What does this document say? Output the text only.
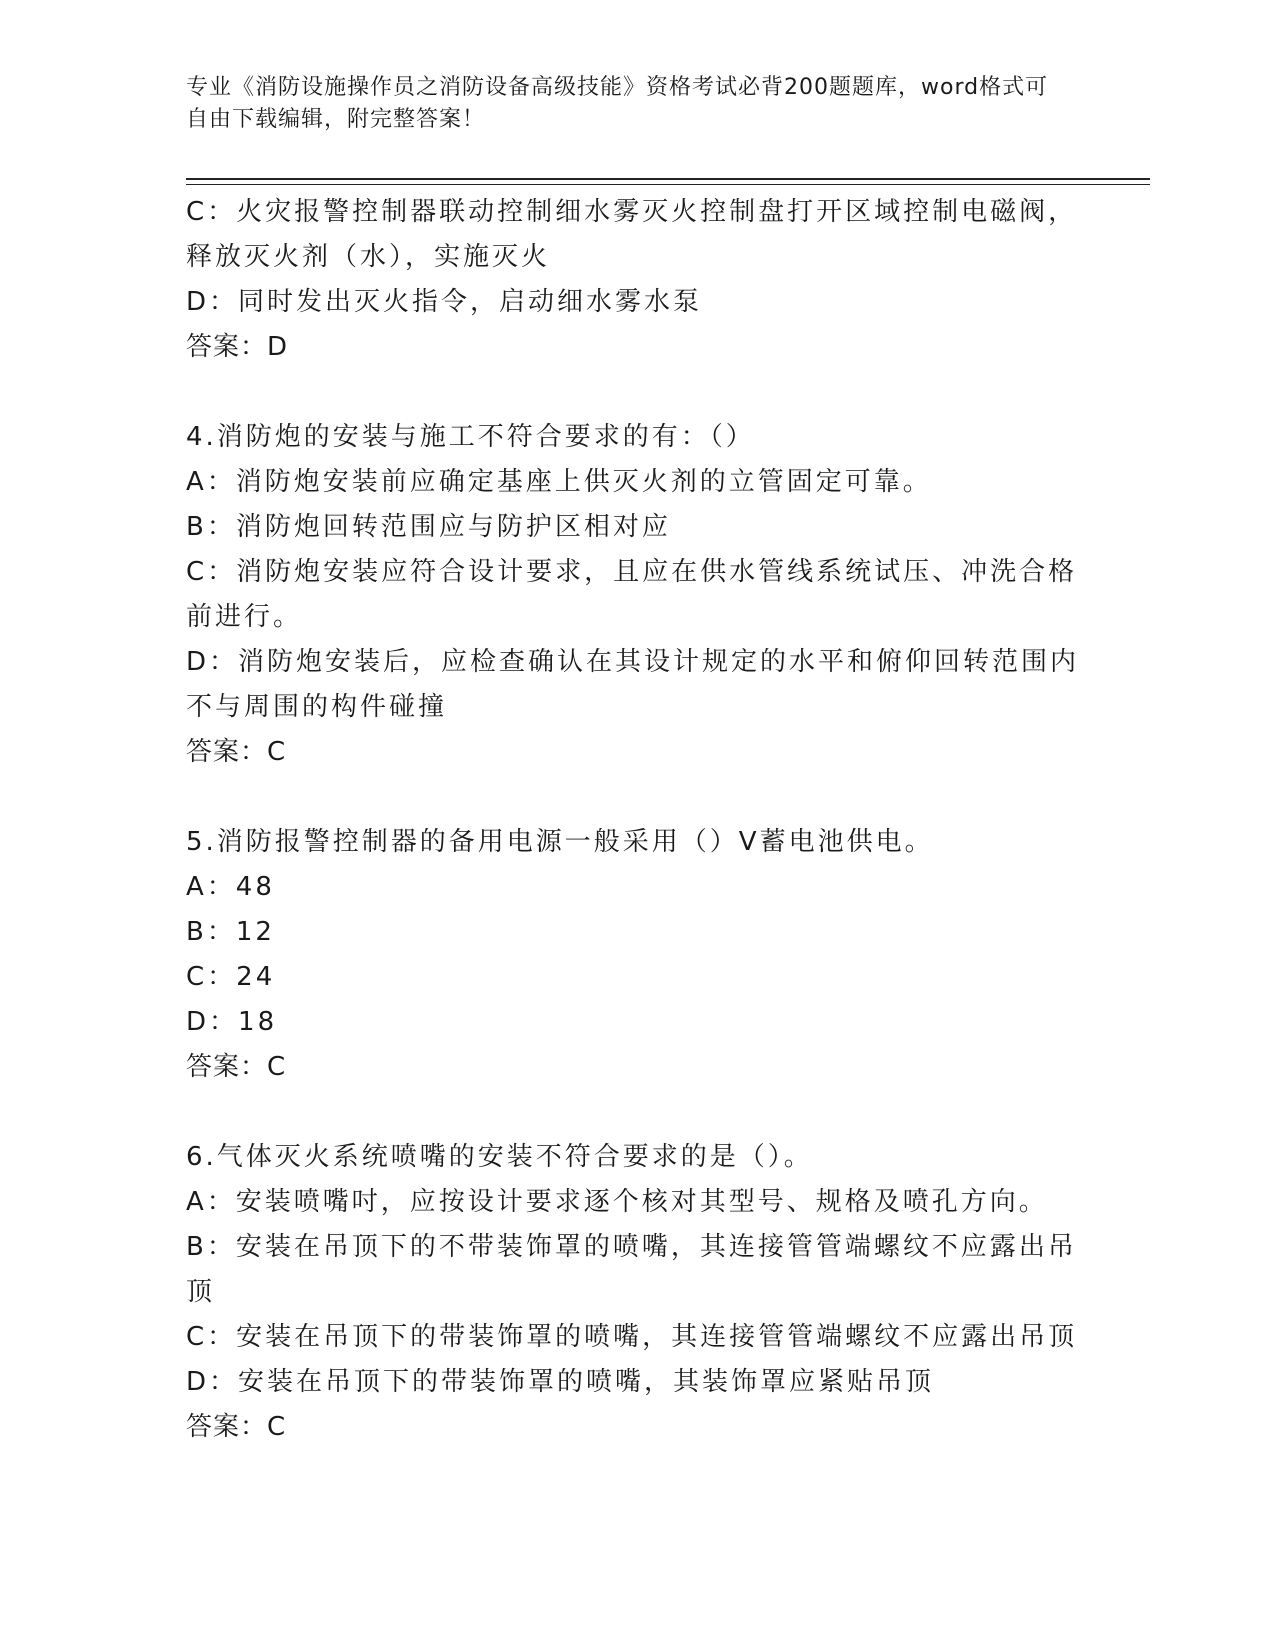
专业《消防设施操作员之消防设备高级技能》资格考试必背200题题库，word格式可自由下载编辑，附完整答案！

C：火灾报警控制器联动控制细水雾灭火控制盘打开区域控制电磁阀，释放灭火剂（水），实施灭火

D：同时发出灭火指令，启动细水雾水泵

答案：D

4.消防炮的安装与施工不符合要求的有：（）

A：消防炮安装前应确定基座上供灭火剂的立管固定可靠。

B：消防炮回转范围应与防护区相对应

C：消防炮安装应符合设计要求，且应在供水管线系统试压、冲洗合格前进行。

D：消防炮安装后，应检查确认在其设计规定的水平和俯仰回转范围内不与周围的构件碰撞

答案：C

5.消防报警控制器的备用电源一般采用（）V蓄电池供电。

A：48

B：12

C：24

D：18

答案：C

6.气体灭火系统喷嘴的安装不符合要求的是（）。

A：安装喷嘴吋，应按设计要求逐个核对其型号、规格及喷孔方向。

B：安装在吊顶下的不带装饰罩的喷嘴，其连接管管端螺纹不应露出吊顶

C：安装在吊顶下的带装饰罩的喷嘴，其连接管管端螺纹不应露出吊顶

D：安装在吊顶下的带装饰罩的喷嘴，其装饰罩应紧贴吊顶

答案：C
